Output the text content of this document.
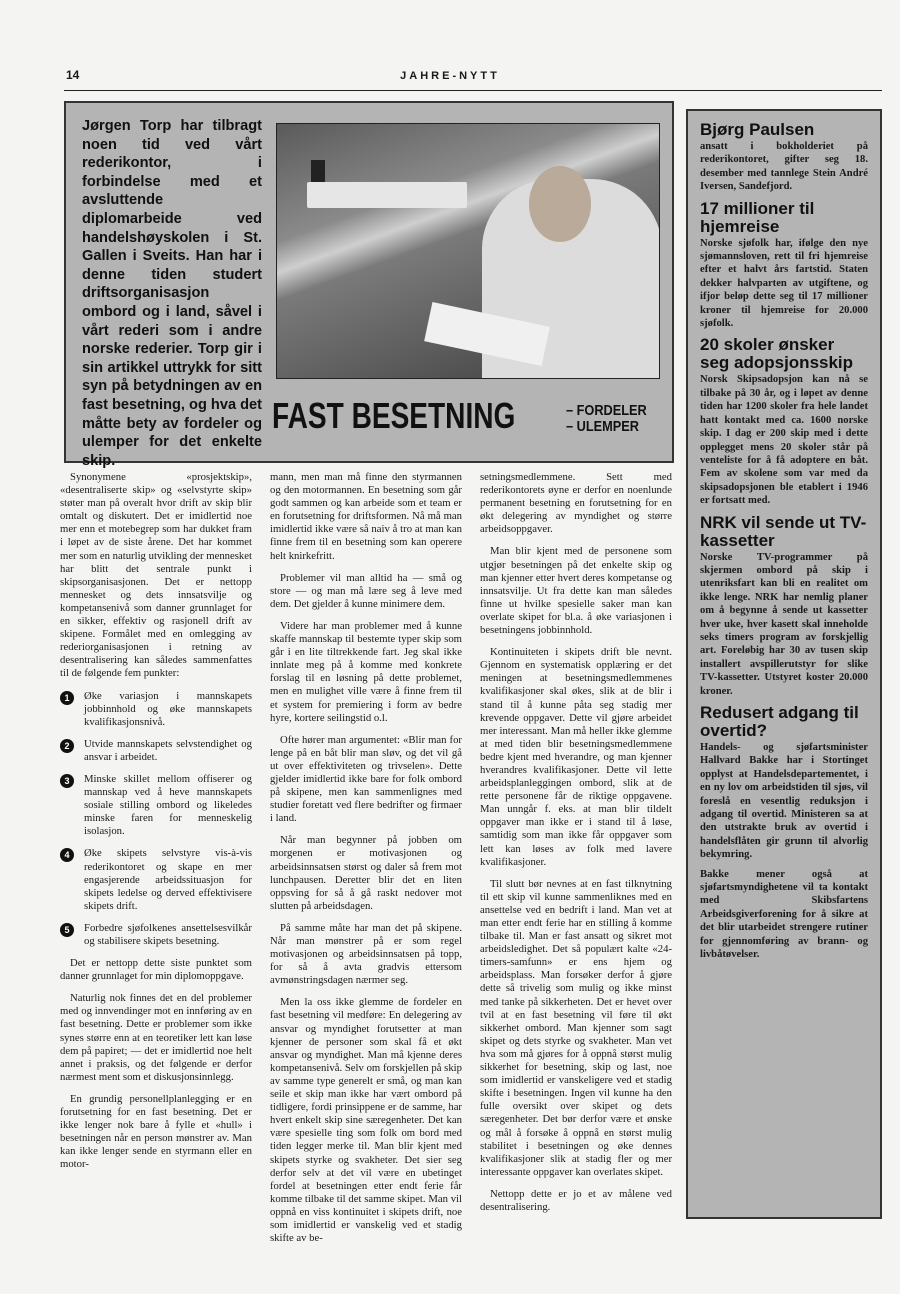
14	JAHRE-NYTT

Jørgen Torp har tilbragt noen tid ved vårt rederikontor, i forbindelse med et avsluttende diplomarbeide ved handelshøyskolen i St. Gallen i Sveits. Han har i denne tiden studert driftsorganisasjon ombord og i land, såvel i vårt rederi som i andre norske rederier. Torp gir i sin artikkel uttrykk for sitt syn på betydningen av en fast besetning, og hva det måtte bety av fordeler og ulemper for det enkelte skip.

FAST BESETNING	– FORDELER
– ULEMPER

Synonymene «prosjektskip», «desentraliserte skip» og «selvstyrte skip» støter man på overalt hvor drift av skip blir omtalt og diskutert. Det er imidlertid noe mer enn et motebegrep som har dukket fram i løpet av de siste årene. Det har kommet mer som en naturlig utvikling der mennesket har blitt det sentrale punkt i skipsorganisasjonen. Det er nettopp mennesket og dets innsatsvilje og kompetansenivå som danner grunnlaget for en sikker, effektiv og rasjonell drift av skipene. Formålet med en omlegging av rederiorganisasjonen i retning av desentralisering kan således sammenfattes til de følgende fem punkter:

1	Øke variasjon i mannskapets jobbinnhold og øke mannskapets kvalifikasjonsnivå.
2	Utvide mannskapets selvstendighet og ansvar i arbeidet.
3	Minske skillet mellom offiserer og mannskap ved å heve mannskapets sosiale stilling ombord og likeledes minske faren for menneskelig isolasjon.
4	Øke skipets selvstyre vis-à-vis rederikontoret og skape en mer engasjerende arbeidssituasjon for skipets ledelse og derved effektivisere skipets drift.
5	Forbedre sjøfolkenes ansettelsesvilkår og stabilisere skipets besetning.

Det er nettopp dette siste punktet som danner grunnlaget for min diplomoppgave.

Naturlig nok finnes det en del problemer med og innvendinger mot en innføring av en fast besetning. Dette er problemer som ikke synes større enn at en teoretiker lett kan løse dem på papiret; — det er imidlertid noe helt annet i praksis, og det følgende er derfor nærmest ment som et diskusjonsinnlegg.

En grundig personellplanlegging er en forutsetning for en fast besetning. Det er ikke lenger nok bare å fylle et «hull» i besetningen når en person mønstrer av. Man kan ikke lenger sende en styrmann eller en motor-

mann, men man må finne den styrmannen og den motormannen. En besetning som går godt sammen og kan arbeide som et team er en forutsetning for driftsformen. Nå må man imidlertid ikke være så naiv å tro at man kan finne frem til en besetning som kan operere helt knirkefritt.

Problemer vil man alltid ha — små og store — og man må lære seg å leve med dem. Det gjelder å kunne minimere dem.

Videre har man problemer med å kunne skaffe mannskap til bestemte typer skip som går i en lite tiltrekkende fart. Jeg skal ikke innlate meg på å komme med konkrete forslag til en løsning på dette problemet, men en mulighet ville være å finne frem til et system for premiering i form av bedre hyre, kortere seilingstid o.l.

Ofte hører man argumentet: «Blir man for lenge på en båt blir man sløv, og det vil gå ut over effektiviteten og trivselen». Dette gjelder imidlertid ikke bare for folk ombord på skipene, men kan sammenlignes med studier foretatt ved flere bedrifter og firmaer i land.

Når man begynner på jobben om morgenen er motivasjonen og arbeidsinnsatsen størst og daler så frem mot lunchpausen. Deretter blir det en liten oppsving for så å gå raskt nedover mot slutten på arbeidsdagen.

På samme måte har man det på skipene. Når man mønstrer på er som regel motivasjonen og arbeidsinnsatsen på topp, for så å avta gradvis ettersom avmønstringsdagen nærmer seg.

Men la oss ikke glemme de fordeler en fast besetning vil medføre: En delegering av ansvar og myndighet forutsetter at man kjenner de personer som skal få et økt ansvar og myndighet. Man må kjenne deres kompetansenivå. Selv om forskjellen på skip av samme type generelt er små, og man kan seile et skip man ikke har vært ombord på tidligere, fordi prinsippene er de samme, har hvert enkelt skip sine særegenheter. Det kan være spesielle ting som folk om bord med tiden legger merke til. Man blir kjent med skipets styrke og svakheter. Det sier seg derfor selv at det vil være en ubetinget fordel at besetningen etter endt ferie får komme tilbake til det samme skipet. Man vil oppnå en viss kontinuitet i skipets drift, noe som imidlertid er vanskelig ved et stadig skifte av be-

setningsmedlemmene. Sett med rederikontorets øyne er derfor en noenlunde permanent besetning en forutsetning for en økt delegering av myndighet og større arbeidsoppgaver.

Man blir kjent med de personene som utgjør besetningen på det enkelte skip og man kjenner etter hvert deres kompetanse og innsatsvilje. Ut fra dette kan man således finne ut hvilke spesielle saker man kan overlate skipet for bl.a. å øke variasjonen i besetningens jobbinnhold.

Kontinuiteten i skipets drift ble nevnt. Gjennom en systematisk opplæring er det meningen at besetningsmedlemmenes kvalifikasjoner skal økes, slik at de blir i stand til å kunne påta seg stadig mer krevende oppgaver. Dette vil gjøre arbeidet mer interessant. Man må heller ikke glemme at med tiden blir besetningsmedlemmene bedre kjent med hverandre, og man kjenner hverandres kvalifikasjoner. Dette vil lette arbeidsplanleggingen ombord, slik at de rette personene får de riktige oppgavene. Man unngår f. eks. at man blir tildelt oppgaver man ikke er i stand til å løse, samtidig som man ikke får oppgaver som lett kan løses av folk med lavere kvalifikasjoner.

Til slutt bør nevnes at en fast tilknytning til ett skip vil kunne sammenliknes med en ansettelse ved en bedrift i land. Man vet at man etter endt ferie har en stilling å komme tilbake til. Man er fast ansatt og sikret mot arbeidsledighet. Det så populært kalte «24-timers-samfunn» er ens hjem og arbeidsplass. Man forsøker derfor å gjøre dette så trivelig som mulig og ikke minst med tanke på sikkerheten. Det er hevet over tvil at en fast besetning vil føre til økt sikkerhet ombord. Man kjenner som sagt skipet og dets styrke og svakheter. Man vet hva som må gjøres for å oppnå størst mulig sikkerhet for besetning, skip og last, noe som imidlertid er vanskeligere ved et stadig skifte i besetningen. Ingen vil kunne ha den fulle oversikt over skipet og dets særegenheter. Det bør derfor være et ønske og mål å forsøke å oppnå en størst mulig stabilitet i besetningen og øke dennes kvalifikasjoner slik at stadig fler og mer interessante oppgaver kan overlates skipet.

Nettopp dette er jo et av målene ved desentralisering.

Bjørg Paulsen

ansatt i bokholderiet på rederikontoret, gifter seg 18. desember med tannlege Stein André Iversen, Sandefjord.

17 millioner til hjemreise

Norske sjøfolk har, ifølge den nye sjømannsloven, rett til fri hjemreise efter et halvt års fartstid. Staten dekker halvparten av utgiftene, og ifjor beløp dette seg til 17 millioner kroner til hjemreise for 20.000 sjøfolk.

20 skoler ønsker seg adopsjonsskip

Norsk Skipsadopsjon kan nå se tilbake på 30 år, og i løpet av denne tiden har 1200 skoler fra hele landet hatt kontakt med ca. 1600 norske skip. I dag er 200 skip med i dette opplegget mens 20 skoler står på venteliste for å få adoptere en båt. Fem av skolene som var med da skipsadopsjonen ble etablert i 1946 er fortsatt med.

NRK vil sende ut TV-kassetter

Norske TV-programmer på skjermen ombord på skip i utenriksfart kan bli en realitet om ikke lenge. NRK har nemlig planer om å begynne å sende ut kassetter hver uke, hver kasett skal inneholde seks timers program av forskjellig art. Foreløbig har 30 av tusen skip installert avspillerutstyr for slike TV-kassetter. Utstyret koster 20.000 kroner.

Redusert adgang til overtid?

Handels- og sjøfartsminister Hallvard Bakke har i Stortinget opplyst at Handelsdepartementet, i en ny lov om arbeidstiden til sjøs, vil foreslå en vesentlig reduksjon i adgang til overtid. Ministeren sa at den utstrakte bruk av overtid i handelsflåten gir grunn til alvorlig bekymring.

Bakke mener også at sjøfartsmyndighetene vil ta kontakt med Skibsfartens Arbeidsgiverforening for å sikre at det blir utarbeidet strengere rutiner for gjennomføring av brann- og livbåtøvelser.
